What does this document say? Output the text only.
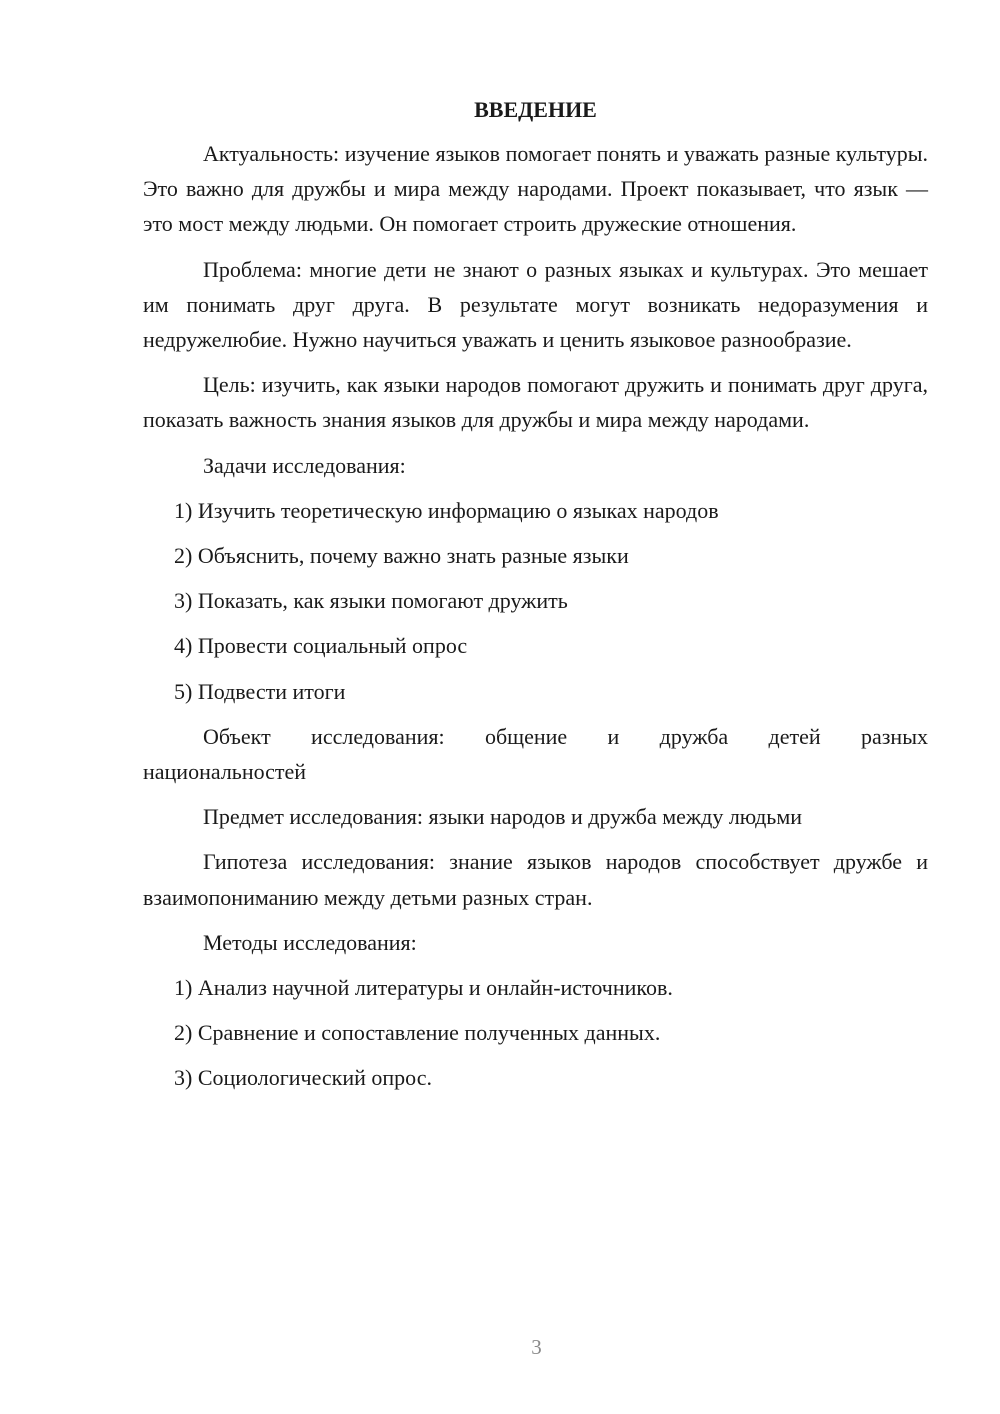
ВВЕДЕНИЕ
Актуальность: изучение языков помогает понять и уважать разные культуры. Это важно для дружбы и мира между народами. Проект показывает, что язык — это мост между людьми. Он помогает строить дружеские отношения.
Проблема: многие дети не знают о разных языках и культурах. Это мешает им понимать друг друга. В результате могут возникать недоразумения и недружелюбие. Нужно научиться уважать и ценить языковое разнообразие.
Цель: изучить, как языки народов помогают дружить и понимать друг друга, показать важность знания языков для дружбы и мира между народами.
Задачи исследования:
1) Изучить теоретическую информацию о языках народов
2) Объяснить, почему важно знать разные языки
3) Показать, как языки помогают дружить
4) Провести социальный опрос
5) Подвести итоги
Объект исследования: общение и дружба детей разных
национальностей
Предмет исследования: языки народов и дружба между людьми
Гипотеза исследования: знание языков народов способствует дружбе и взаимопониманию между детьми разных стран.
Методы исследования:
1) Анализ научной литературы и онлайн-источников.
2) Сравнение и сопоставление полученных данных.
3) Социологический опрос.
3
